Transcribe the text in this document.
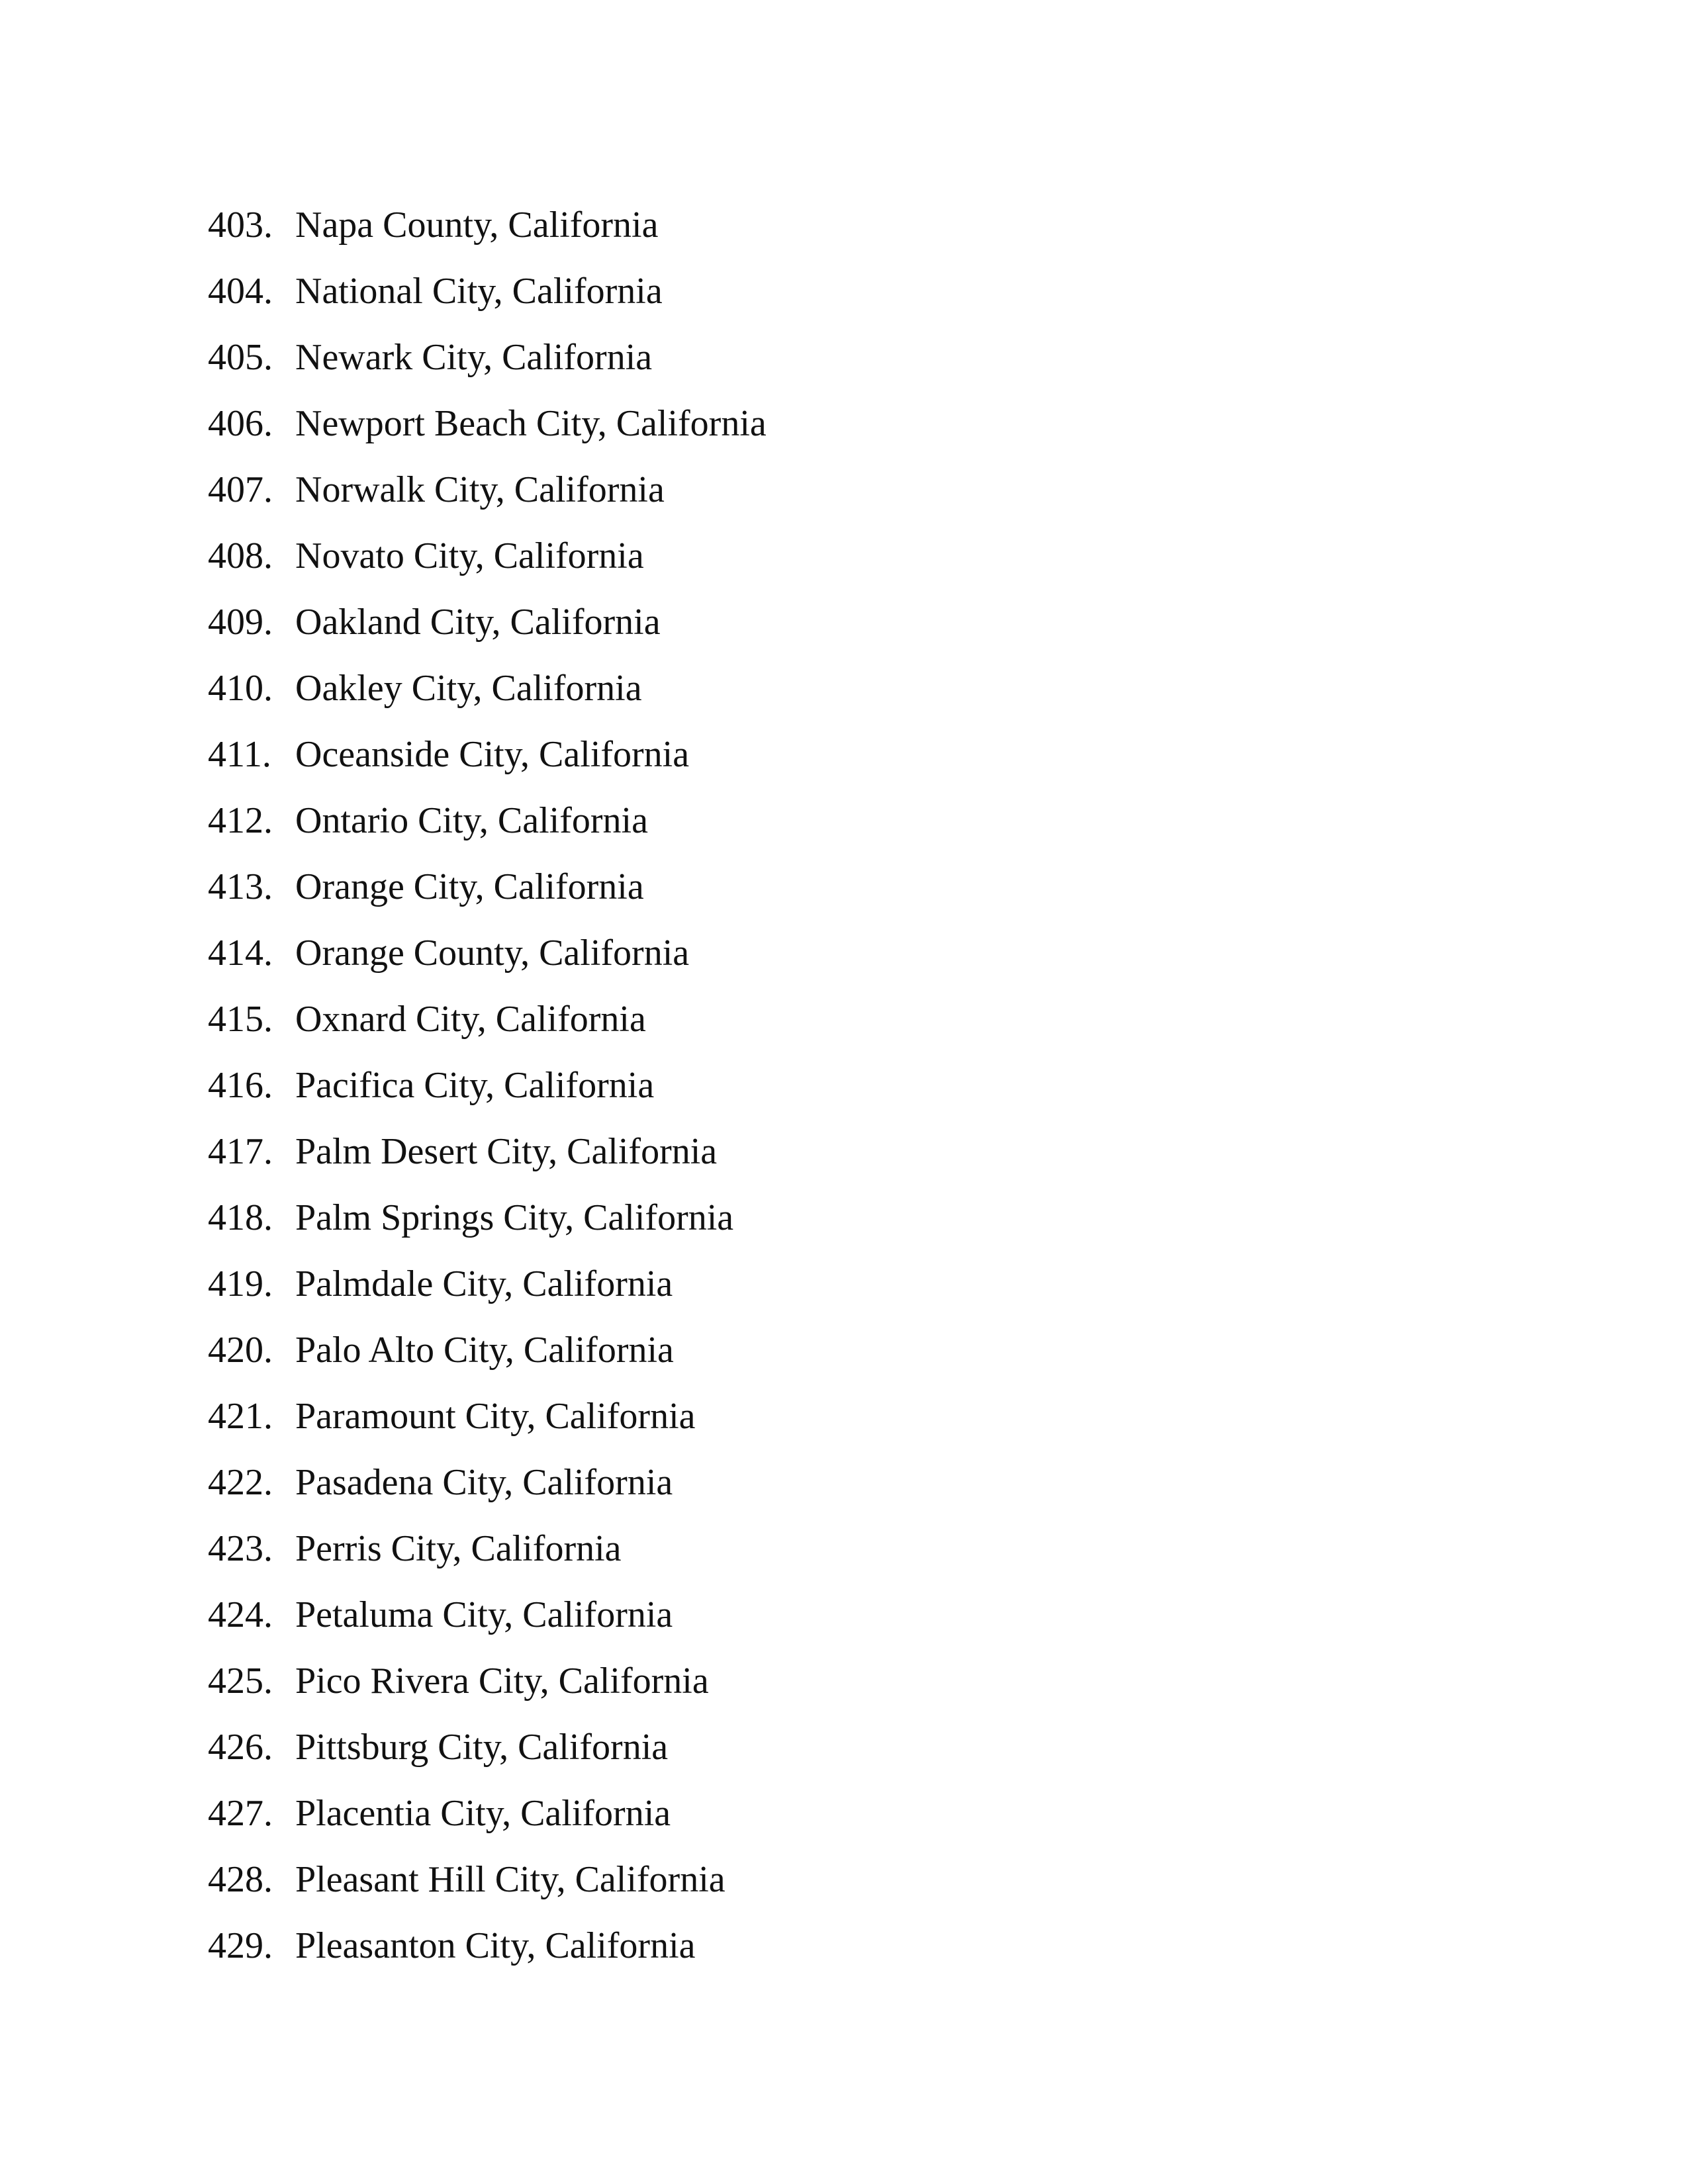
403. Napa County, California
404. National City, California
405. Newark City, California
406. Newport Beach City, California
407. Norwalk City, California
408. Novato City, California
409. Oakland City, California
410. Oakley City, California
411. Oceanside City, California
412. Ontario City, California
413. Orange City, California
414. Orange County, California
415. Oxnard City, California
416. Pacifica City, California
417. Palm Desert City, California
418. Palm Springs City, California
419. Palmdale City, California
420. Palo Alto City, California
421. Paramount City, California
422. Pasadena City, California
423. Perris City, California
424. Petaluma City, California
425. Pico Rivera City, California
426. Pittsburg City, California
427. Placentia City, California
428. Pleasant Hill City, California
429. Pleasanton City, California
